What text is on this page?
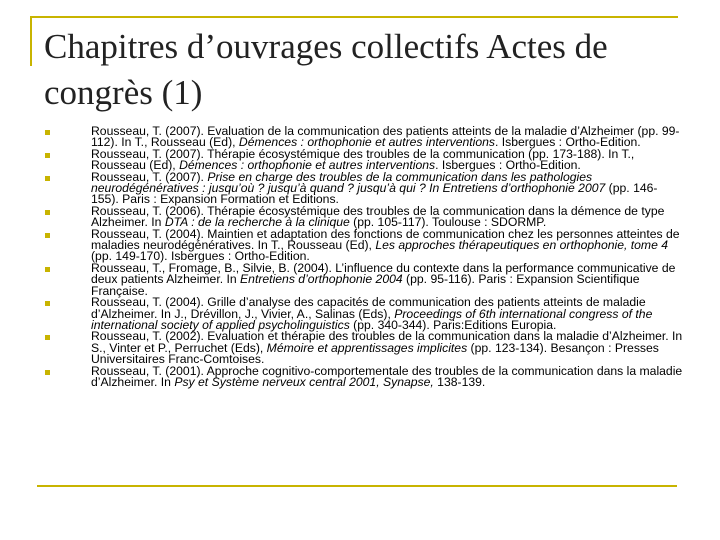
Chapitres d’ouvrages collectifs Actes de congrès (1)
Rousseau, T. (2007). Evaluation de la communication des patients atteints de la maladie d’Alzheimer (pp. 99-112). In T., Rousseau (Ed), Démences : orthophonie et autres interventions. Isbergues : Ortho-Edition.
Rousseau, T. (2007). Thérapie écosystémique des troubles de la communication (pp. 173-188). In T., Rousseau (Ed), Démences : orthophonie et autres interventions. Isbergues : Ortho-Edition.
Rousseau, T. (2007). Prise en charge des troubles de la communication dans les pathologies neurodégénératives : jusqu’où ? jusqu’à quand ? jusqu’à qui ? In Entretiens d’orthophonie 2007 (pp. 146-155). Paris : Expansion Formation et Editions.
Rousseau, T. (2006). Thérapie écosystémique des troubles de la communication dans la démence de type Alzheimer. In DTA : de la recherche à la clinique (pp. 105-117). Toulouse : SDORMP.
Rousseau, T. (2004). Maintien et adaptation des fonctions de communication chez les personnes atteintes de maladies neurodégénératives. In T., Rousseau (Ed), Les approches thérapeutiques en orthophonie, tome 4 (pp. 149-170). Isbergues : Ortho-Edition.
Rousseau, T., Fromage, B., Silvie, B. (2004). L’influence du contexte dans la performance communicative de deux patients Alzheimer. In Entretiens d’orthophonie 2004 (pp. 95-116). Paris : Expansion Scientifique Française.
Rousseau, T. (2004). Grille d’analyse des capacités de communication des patients atteints de maladie d’Alzheimer. In J., Drévillon, J., Vivier, A., Salinas (Eds), Proceedings of 6th international congress of the international society of applied psycholinguistics (pp. 340-344). Paris:Editions Europia.
Rousseau, T. (2002). Evaluation et thérapie des troubles de la communication dans la maladie d’Alzheimer. In S., Vinter et P., Perruchet (Eds), Mémoire et apprentissages implicites (pp. 123-134). Besançon : Presses Universitaires Franc-Comtoises.
Rousseau, T. (2001). Approche cognitivo-comportementale des troubles de la communication dans la maladie d’Alzheimer. In Psy et Système nerveux central 2001, Synapse, 138-139.
